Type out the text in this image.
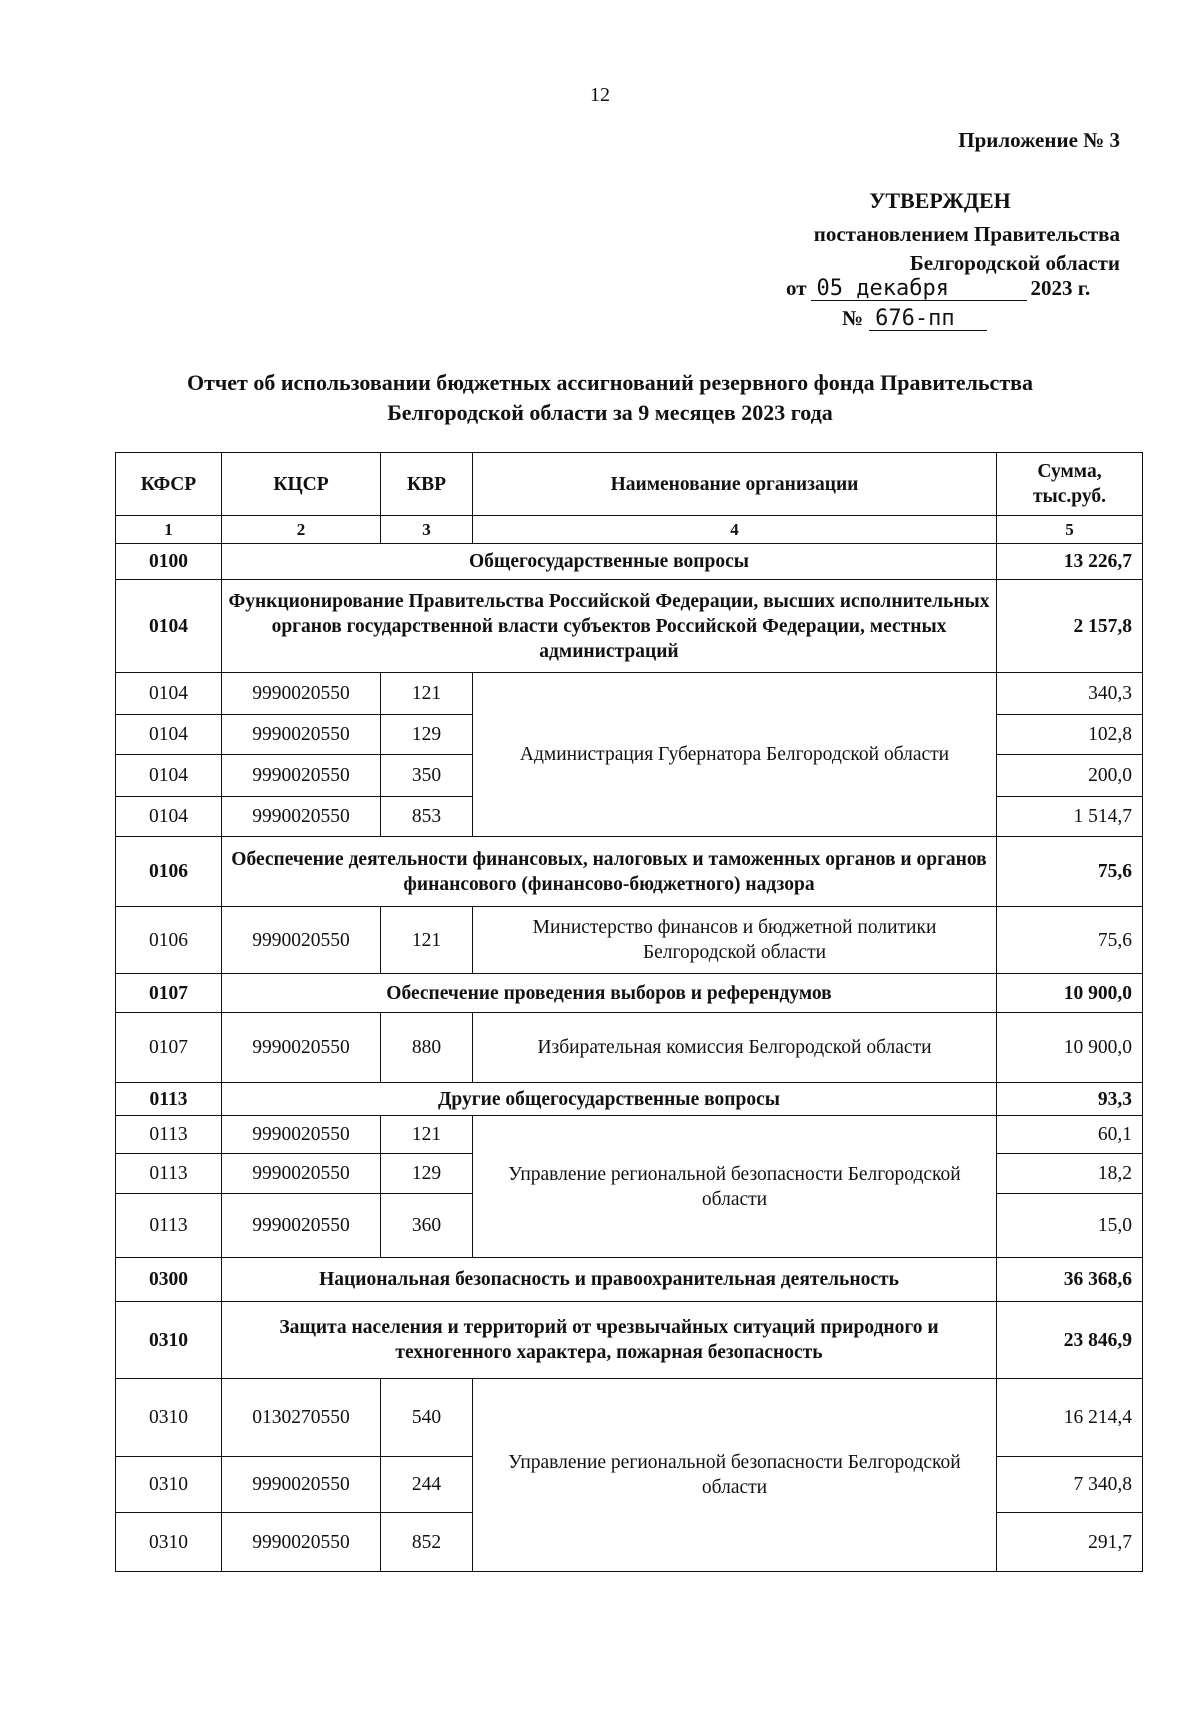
12
Приложение № 3
УТВЕРЖДЕН
постановлением Правительства
Белгородской области
от 05 декабря	2023 г.
№ 676-пп
Отчет об использовании бюджетных ассигнований резервного фонда Правительства Белгородской области за 9 месяцев 2023 года
КФСР	КЦСР	КВР	Наименование организации	Сумма, тыс.руб.
1	2	3	4	5
0100	Общегосударственные вопросы			13 226,7
0104	Функционирование Правительства Российской Федерации, высших исполнительных органов государственной власти субъектов Российской Федерации, местных администраций			2 157,8
0104	9990020550	121	Администрация Губернатора Белгородской области	340,3
0104	9990020550	129		102,8
0104	9990020550	350		200,0
0104	9990020550	853		1 514,7
0106	Обеспечение деятельности финансовых, налоговых и таможенных органов и органов финансового (финансово-бюджетного) надзора			75,6
0106	9990020550	121	Министерство финансов и бюджетной политики Белгородской области	75,6
0107	Обеспечение проведения выборов и референдумов			10 900,0
0107	9990020550	880	Избирательная комиссия Белгородской области	10 900,0
0113	Другие общегосударственные вопросы			93,3
0113	9990020550	121	Управление региональной безопасности Белгородской области	60,1
0113	9990020550	129		18,2
0113	9990020550	360		15,0
0300	Национальная безопасность и правоохранительная деятельность			36 368,6
0310	Защита населения и территорий от чрезвычайных ситуаций природного и техногенного характера, пожарная безопасность			23 846,9
0310	0130270550	540	Управление региональной безопасности Белгородской области	16 214,4
0310	9990020550	244		7 340,8
0310	9990020550	852		291,7
